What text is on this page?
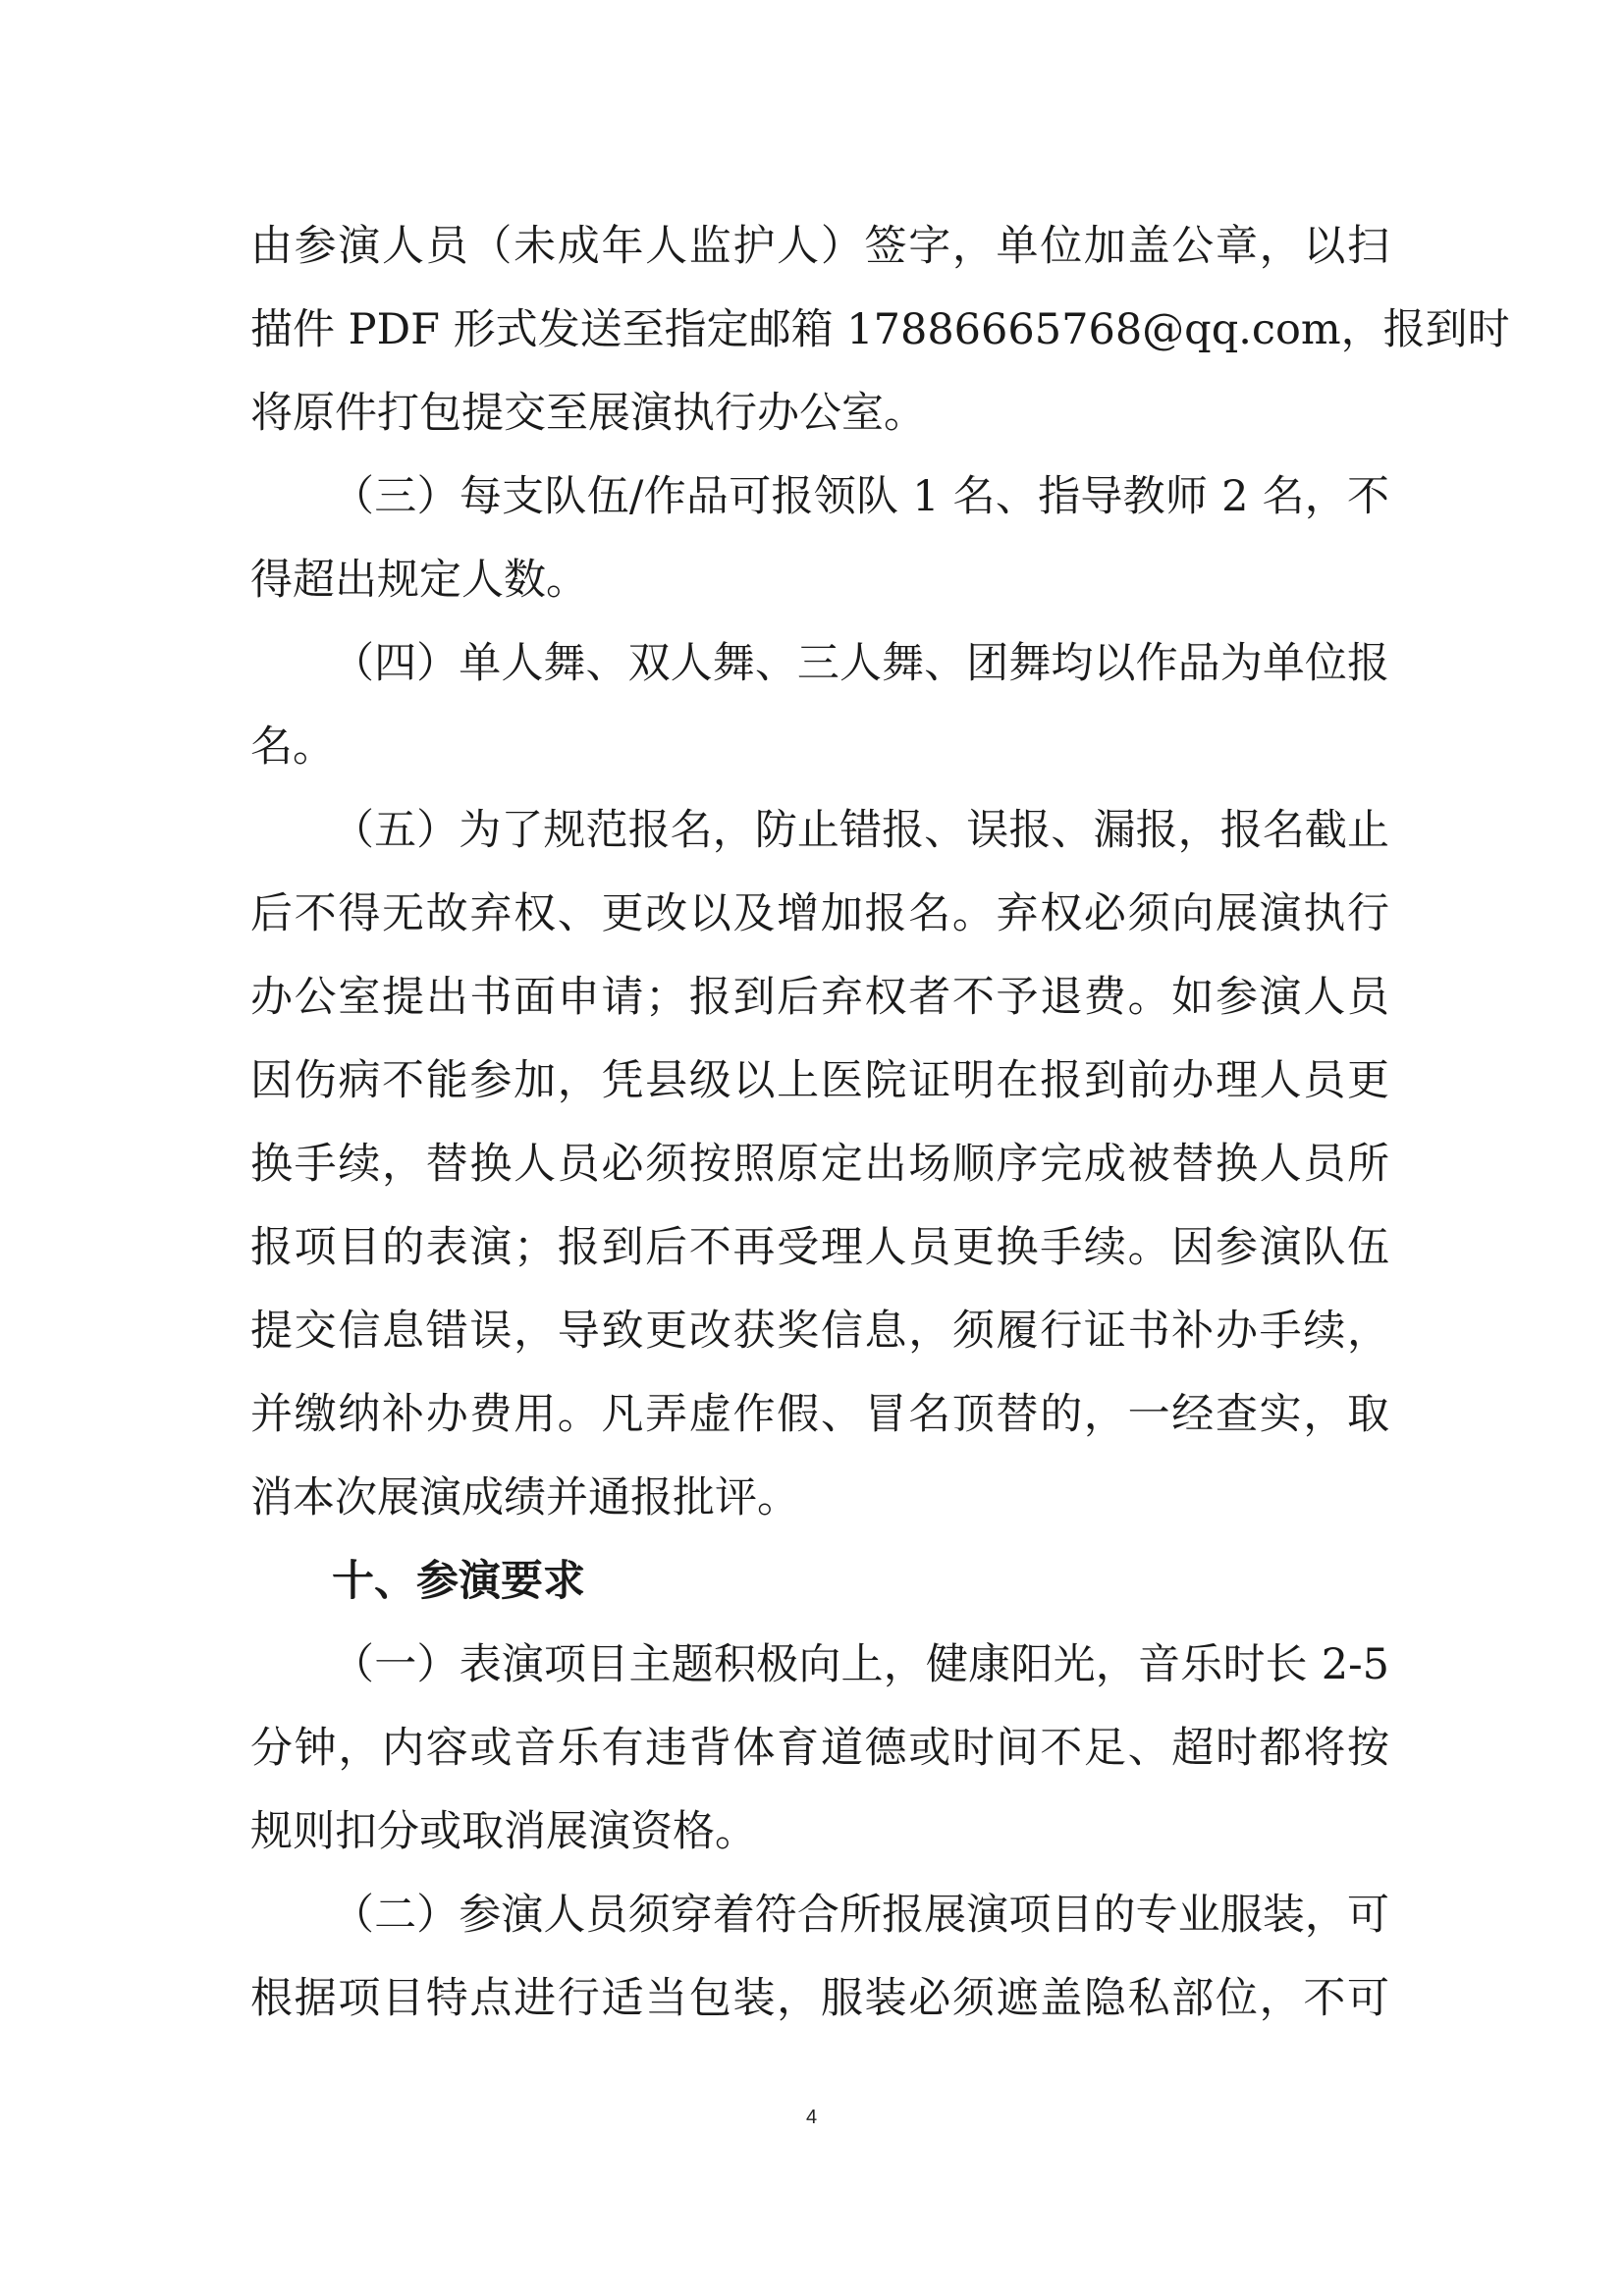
由参演人员（未成年人监护人）签字，单位加盖公章，以扫
描件 PDF 形式发送至指定邮箱 17886665768@qq.com，报到时
将原件打包提交至展演执行办公室。
（三）每支队伍/作品可报领队 1 名、指导教师 2 名，不
得超出规定人数。
（四）单人舞、双人舞、三人舞、团舞均以作品为单位报
名。
（五）为了规范报名，防止错报、误报、漏报，报名截止
后不得无故弃权、更改以及增加报名。弃权必须向展演执行
办公室提出书面申请；报到后弃权者不予退费。如参演人员
因伤病不能参加，凭县级以上医院证明在报到前办理人员更
换手续，替换人员必须按照原定出场顺序完成被替换人员所
报项目的表演；报到后不再受理人员更换手续。因参演队伍
提交信息错误，导致更改获奖信息，须履行证书补办手续，
并缴纳补办费用。凡弄虚作假、冒名顶替的，一经查实，取
消本次展演成绩并通报批评。
十、参演要求
（一）表演项目主题积极向上，健康阳光，音乐时长 2-5
分钟，内容或音乐有违背体育道德或时间不足、超时都将按
规则扣分或取消展演资格。
（二）参演人员须穿着符合所报展演项目的专业服装，可
根据项目特点进行适当包装，服装必须遮盖隐私部位，不可
4
